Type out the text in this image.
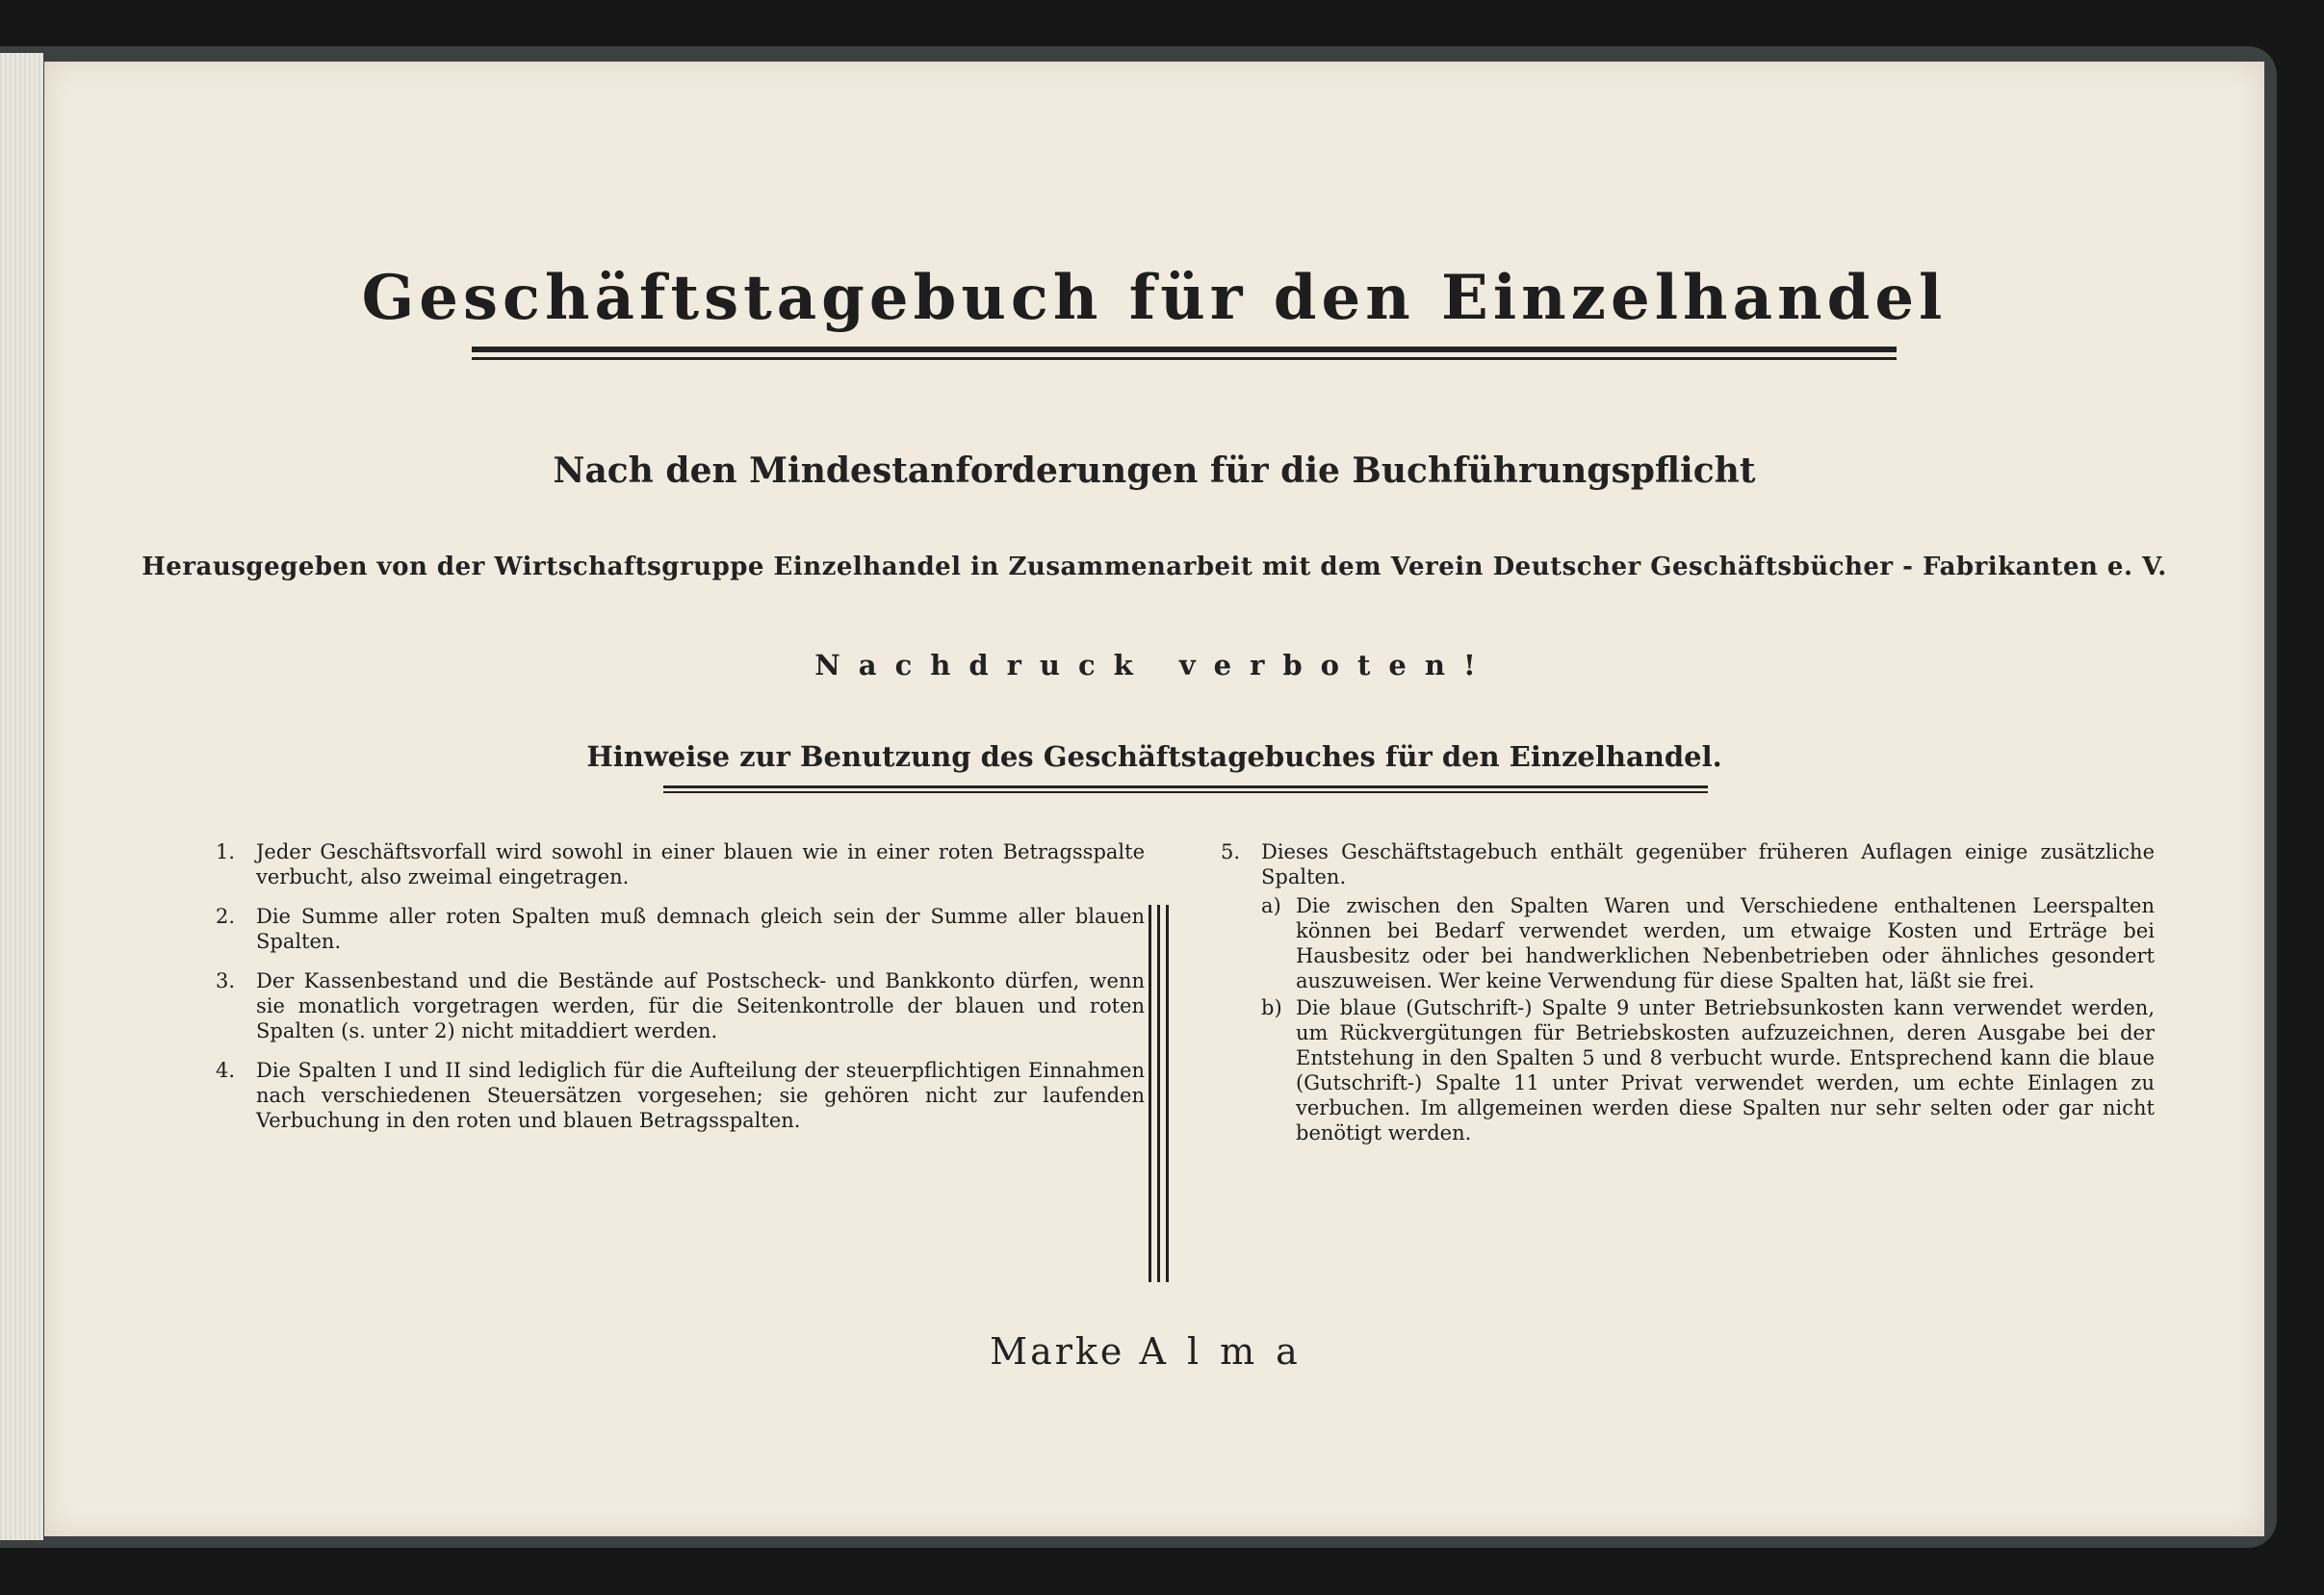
Geschäftstagebuch für den Einzelhandel
Nach den Mindestanforderungen für die Buchführungspflicht
Herausgegeben von der Wirtschaftsgruppe Einzelhandel in Zusammenarbeit mit dem Verein Deutscher Geschäftsbücher - Fabrikanten e. V.
Nachdruck verboten!
Hinweise zur Benutzung des Geschäftstagebuches für den Einzelhandel.
1. Jeder Geschäftsvorfall wird sowohl in einer blauen wie in einer roten Betragsspalte verbucht, also zweimal eingetragen.
2. Die Summe aller roten Spalten muß demnach gleich sein der Summe aller blauen Spalten.
3. Der Kassenbestand und die Bestände auf Postscheck- und Bankkonto dürfen, wenn sie monatlich vorgetragen werden, für die Seitenkontrolle der blauen und roten Spalten (s. unter 2) nicht mitaddiert werden.
4. Die Spalten I und II sind lediglich für die Aufteilung der steuerpflichtigen Einnahmen nach verschiedenen Steuersätzen vorgesehen; sie gehören nicht zur laufenden Verbuchung in den roten und blauen Betragsspalten.
5. Dieses Geschäftstagebuch enthält gegenüber früheren Auflagen einige zusätzliche Spalten.
a) Die zwischen den Spalten Waren und Verschiedene enthaltenen Leerspalten können bei Bedarf verwendet werden, um etwaige Kosten und Erträge bei Hausbesitz oder bei handwerklichen Nebenbetrieben oder ähnliches gesondert auszuweisen. Wer keine Verwendung für diese Spalten hat, läßt sie frei.
b) Die blaue (Gutschrift-) Spalte 9 unter Betriebsunkosten kann verwendet werden, um Rückvergütungen für Betriebskosten aufzuzeichnen, deren Ausgabe bei der Entstehung in den Spalten 5 und 8 verbucht wurde. Entsprechend kann die blaue (Gutschrift-) Spalte 11 unter Privat verwendet werden, um echte Einlagen zu verbuchen. Im allgemeinen werden diese Spalten nur sehr selten oder gar nicht benötigt werden.
Marke Alma
